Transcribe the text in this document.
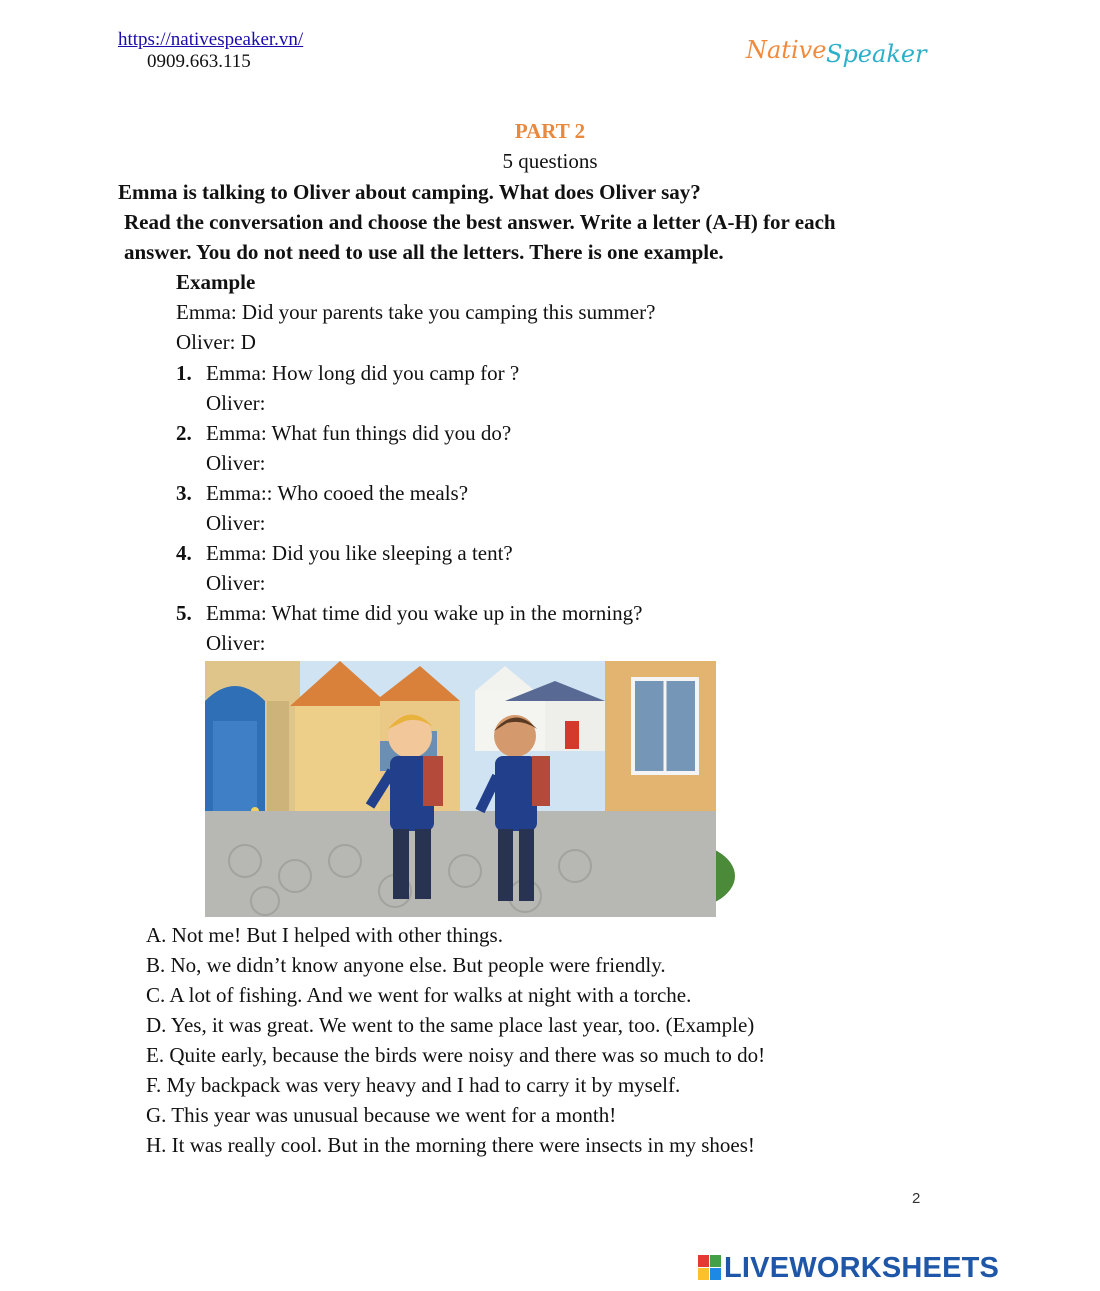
https://nativespeaker.vn/
0909.663.115	Native Speaker
PART 2
5 questions
Emma is talking to Oliver about camping. What does Oliver say?
Read the conversation and choose the best answer. Write a letter (A-H) for each
answer. You do not need to use all the letters. There is one example.
Example
Emma: Did your parents take you camping this summer?
Oliver: D
1. Emma: How long did you camp for ?
Oliver:
2. Emma: What fun things did you do?
Oliver:
3. Emma:: Who cooed the meals?
Oliver:
4. Emma: Did you like sleeping a tent?
Oliver:
5. Emma: What time did you wake up in the morning?
Oliver:
A. Not me! But I helped with other things.
B. No, we didn’t know anyone else. But people were friendly.
C. A lot of fishing. And we went for walks at night with a torche.
D. Yes, it was great. We went to the same place last year, too. (Example)
E. Quite early, because the birds were noisy and there was so much to do!
F. My backpack was very heavy and I had to carry it by myself.
G. This year was unusual because we went for a month!
H. It was really cool. But in the morning there were insects in my shoes!
2
LIVEWORKSHEETS
